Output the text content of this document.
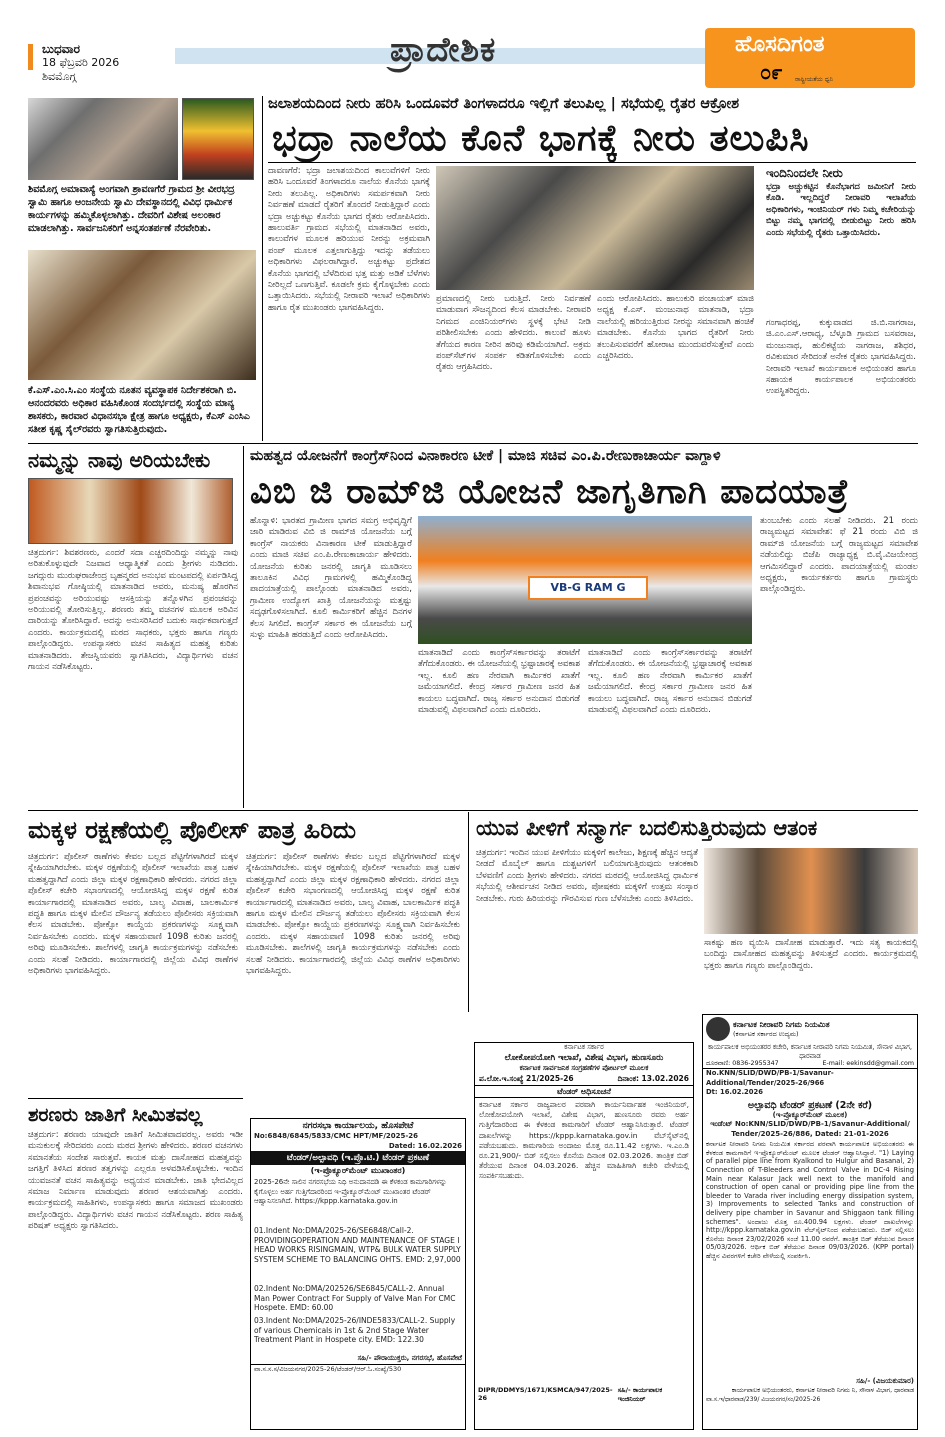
ಬುಧವಾರ
18 ಫೆಬ್ರವರಿ 2026
ಶಿವಮೊಗ್ಗ
ಪ್ರಾದೇಶಿಕ	ಹೊಸದಿಗಂತ
೦೯ ರಾಷ್ಟ್ರೀಯತೆಯ ಧ್ವನಿ
ಶಿವಮೊಗ್ಗ ಅಮಾವಾಸ್ಯೆ ಅಂಗವಾಗಿ ಶ್ರಾವಣಗೆರೆ ಗ್ರಾಮದ ಶ್ರೀ ವೀರಭದ್ರ ಸ್ವಾಮಿ ಹಾಗೂ ಆಂಜನೇಯ ಸ್ವಾಮಿ ದೇವಸ್ಥಾನದಲ್ಲಿ ವಿವಿಧ ಧಾರ್ಮಿಕ ಕಾರ್ಯಗಳನ್ನು ಹಮ್ಮಿಕೊಳ್ಳಲಾಗಿತ್ತು. ದೇವರಿಗೆ ವಿಶೇಷ ಅಲಂಕಾರ ಮಾಡಲಾಗಿತ್ತು. ಸಾರ್ವಜನಿಕರಿಗೆ ಅನ್ನಸಂತರ್ಪಣೆ ನೆರವೇರಿತು.
ಕೆ.ಎಸ್.ಎಂ.ಸಿ.ಎಂ ಸಂಸ್ಥೆಯ ನೂತನ ವ್ಯವಸ್ಥಾಪಕ ನಿರ್ದೇಶಕರಾಗಿ ಬಿ. ಆನಂದರವರು ಅಧಿಕಾರ ವಹಿಸಿಕೊಂಡ ಸಂದರ್ಭದಲ್ಲಿ ಸಂಸ್ಥೆಯ ಮಾನ್ಯ ಶಾಸಕರು, ಕಾರವಾರ ವಿಧಾನಸಭಾ ಕ್ಷೇತ್ರ ಹಾಗೂ ಅಧ್ಯಕ್ಷರು, ಕೆಎಸ್ ಎಂಸಿಎ ಸತೀಶ ಕೃಷ್ಣ ಸೈಲ್‌ರವರು ಸ್ವಾಗತಿಸುತ್ತಿರುವುದು.
ಜಲಾಶಯದಿಂದ ನೀರು ಹರಿಸಿ ಒಂದೂವರೆ ತಿಂಗಳಾದರೂ ಇಲ್ಲಿಗೆ ತಲುಪಿಲ್ಲ | ಸಭೆಯಲ್ಲಿ ರೈತರ ಆಕ್ರೋಶ
ಭದ್ರಾ ನಾಲೆಯ ಕೊನೆ ಭಾಗಕ್ಕೆ ನೀರು ತಲುಪಿಸಿ
ದಾವಣಗೆರೆ: ಭದ್ರಾ ಜಲಾಶಯದಿಂದ ಕಾಲುವೆಗಳಿಗೆ ನೀರು ಹರಿಸಿ ಒಂದೂವರೆ ತಿಂಗಳಾದರೂ ನಾಲೆಯ ಕೊನೆಯ ಭಾಗಕ್ಕೆ ನೀರು ತಲುಪಿಲ್ಲ. ಅಧಿಕಾರಿಗಳು ಸಮರ್ಪಕವಾಗಿ ನೀರು ನಿರ್ವಹಣೆ ಮಾಡದೆ ರೈತರಿಗೆ ತೊಂದರೆ ನೀಡುತ್ತಿದ್ದಾರೆ ಎಂದು ಭದ್ರಾ ಅಚ್ಚುಕಟ್ಟು ಕೊನೆಯ ಭಾಗದ ರೈತರು ಆರೋಪಿಸಿದರು. ಹಾಲುವರ್ತಿ ಗ್ರಾಮದ ಸಭೆಯಲ್ಲಿ ಮಾತನಾಡಿದ ಅವರು, ಕಾಲುವೆಗಳ ಮೂಲಕ ಹರಿಯುವ ನೀರನ್ನು ಅಕ್ರಮವಾಗಿ ಪಂಪ್ ಮೂಲಕ ಎತ್ತಲಾಗುತ್ತಿದ್ದು ಇದನ್ನು ತಡೆಯಲು ಅಧಿಕಾರಿಗಳು ವಿಫಲರಾಗಿದ್ದಾರೆ. ಅಚ್ಚುಕಟ್ಟು ಪ್ರದೇಶದ ಕೊನೆಯ ಭಾಗದಲ್ಲಿ ಬೆಳೆದಿರುವ ಭತ್ತ ಮತ್ತು ಅಡಿಕೆ ಬೆಳೆಗಳು ನೀರಿಲ್ಲದೆ ಒಣಗುತ್ತಿವೆ. ಕೂಡಲೇ ಕ್ರಮ ಕೈಗೊಳ್ಳಬೇಕು ಎಂದು ಒತ್ತಾಯಿಸಿದರು. ಸಭೆಯಲ್ಲಿ ನೀರಾವರಿ ಇಲಾಖೆ ಅಧಿಕಾರಿಗಳು ಹಾಗೂ ರೈತ ಮುಖಂಡರು ಭಾಗವಹಿಸಿದ್ದರು.
ಪ್ರಮಾಣದಲ್ಲಿ ನೀರು ಬರುತ್ತಿದೆ. ನೀರು ನಿರ್ವಹಣೆ ಮಾಡುವಾಗ ಸೌಜನ್ಯದಿಂದ ಕೆಲಸ ಮಾಡಬೇಕು. ನೀರಾವರಿ ನಿಗಮದ ಎಂಜಿನಿಯರ್‌ಗಳು ಸ್ಥಳಕ್ಕೆ ಭೇಟಿ ನೀಡಿ ಪರಿಶೀಲಿಸಬೇಕು ಎಂದು ಹೇಳಿದರು. ಕಾಲುವೆ ಹೂಳು ತೆಗೆಯದ ಕಾರಣ ನೀರಿನ ಹರಿವು ಕಡಿಮೆಯಾಗಿದೆ. ಅಕ್ರಮ ಪಂಪ್‌ಸೆಟ್‌ಗಳ ಸಂಪರ್ಕ ಕಡಿತಗೊಳಿಸಬೇಕು ಎಂದು ರೈತರು ಆಗ್ರಹಿಸಿದರು.
ಎಂದು ಆರೋಪಿಸಿದರು. ಹಾಲುಕುರಿ ಪಂಚಾಯತ್ ಮಾಜಿ ಅಧ್ಯಕ್ಷ ಕೆ.ಎಸ್. ಮಂಜುನಾಥ ಮಾತನಾಡಿ, ಭದ್ರಾ ನಾಲೆಯಲ್ಲಿ ಹರಿಯುತ್ತಿರುವ ನೀರನ್ನು ಸಮಾನವಾಗಿ ಹಂಚಿಕೆ ಮಾಡಬೇಕು. ಕೊನೆಯ ಭಾಗದ ರೈತರಿಗೆ ನೀರು ತಲುಪಿಸುವವರೆಗೆ ಹೋರಾಟ ಮುಂದುವರೆಸುತ್ತೇವೆ ಎಂದು ಎಚ್ಚರಿಸಿದರು.
ಇಂದಿನಿಂದಲೇ ನೀರು
ಭದ್ರಾ ಅಚ್ಚುಕಟ್ಟಿನ ಕೊನೆಭಾಗದ ಜಮೀನಿಗೆ ನೀರು ಕೊಡಿ. ಇಲ್ಲದಿದ್ದರೆ ನೀರಾವರಿ ಇಲಾಖೆಯ ಅಧಿಕಾರಿಗಳು, ಇಂಜಿನಿಯರ್ ಗಳು ನಿಮ್ಮ ಕಚೇರಿಯನ್ನು ಬಿಟ್ಟು ನಮ್ಮ ಭಾಗದಲ್ಲಿ ಬೀಡುಬಿಟ್ಟು ನೀರು ಹರಿಸಿ ಎಂದು ಸಭೆಯಲ್ಲಿ ರೈತರು ಒತ್ತಾಯಿಸಿದರು.
ಗಂಗಾಧರಪ್ಪ, ಕುಕ್ಕುವಾಡದ ಜಿ.ಬಿ.ನಾಗರಾಜ, ಜಿ.ಎಂ.ಎಸ್.ಆರಾಧ್ಯ, ಬೆಳ್ಳೂಡಿ ಗ್ರಾಮದ ಬಸವರಾಜ, ಮಂಜುನಾಥ, ಹುಲಿಕಟ್ಟೆಯ ನಾಗರಾಜ, ಶಶಿಧರ, ರವಿಕುಮಾರ ಸೇರಿದಂತೆ ಅನೇಕ ರೈತರು ಭಾಗವಹಿಸಿದ್ದರು. ನೀರಾವರಿ ಇಲಾಖೆ ಕಾರ್ಯಪಾಲಕ ಅಭಿಯಂತರ ಹಾಗೂ ಸಹಾಯಕ ಕಾರ್ಯಪಾಲಕ ಅಭಿಯಂತರರು ಉಪಸ್ಥಿತರಿದ್ದರು.
ನಮ್ಮನ್ನು ನಾವು ಅರಿಯಬೇಕು
ಚಿತ್ರದುರ್ಗ: ಶಿವಶರಣರು, ಎಂದರೆ ಸದಾ ಎಚ್ಚರದಿಂದಿದ್ದು ನಮ್ಮನ್ನು ನಾವು ಅರಿತುಕೊಳ್ಳುವುದೇ ನಿಜವಾದ ಆಧ್ಯಾತ್ಮಿಕತೆ ಎಂದು ಶ್ರೀಗಳು ನುಡಿದರು. ಜಗದ್ಗುರು ಮುರುಘರಾಜೇಂದ್ರ ಬೃಹನ್ಮಠದ ಅನುಭವ ಮಂಟಪದಲ್ಲಿ ಏರ್ಪಡಿಸಿದ್ದ ಶಿವಾನುಭವ ಗೋಷ್ಠಿಯಲ್ಲಿ ಮಾತನಾಡಿದ ಅವರು, ಮನುಷ್ಯ ಹೊರಗಿನ ಪ್ರಪಂಚವನ್ನು ಅರಿಯುವಷ್ಟು ಆಸಕ್ತಿಯನ್ನು ತನ್ನೊಳಗಿನ ಪ್ರಪಂಚವನ್ನು ಅರಿಯುವಲ್ಲಿ ತೋರಿಸುತ್ತಿಲ್ಲ. ಶರಣರು ತಮ್ಮ ವಚನಗಳ ಮೂಲಕ ಅರಿವಿನ ದಾರಿಯನ್ನು ತೋರಿಸಿದ್ದಾರೆ. ಅದನ್ನು ಅನುಸರಿಸಿದರೆ ಬದುಕು ಸಾರ್ಥಕವಾಗುತ್ತದೆ ಎಂದರು. ಕಾರ್ಯಕ್ರಮದಲ್ಲಿ ಮಠದ ಸಾಧಕರು, ಭಕ್ತರು ಹಾಗೂ ಗಣ್ಯರು ಪಾಲ್ಗೊಂಡಿದ್ದರು. ಉಪನ್ಯಾಸಕರು ವಚನ ಸಾಹಿತ್ಯದ ಮಹತ್ವ ಕುರಿತು ಮಾತನಾಡಿದರು. ತೇಜಸ್ವಿಯವರು ಸ್ವಾಗತಿಸಿದರು, ವಿದ್ಯಾರ್ಥಿಗಳು ವಚನ ಗಾಯನ ನಡೆಸಿಕೊಟ್ಟರು.
ಮಹತ್ವದ ಯೋಜನೆಗೆ ಕಾಂಗ್ರೆಸ್‌ನಿಂದ ವಿನಾಕಾರಣ ಟೀಕೆ | ಮಾಜಿ ಸಚಿವ ಎಂ.ಪಿ.ರೇಣುಕಾಚಾರ್ಯ ವಾಗ್ದಾಳಿ
ವಿಬಿ ಜಿ ರಾಮ್‌ಜಿ ಯೋಜನೆ ಜಾಗೃತಿಗಾಗಿ ಪಾದಯಾತ್ರೆ
ಹೊನ್ನಾಳಿ: ಭಾರತದ ಗ್ರಾಮೀಣ ಭಾಗದ ಸಮಗ್ರ ಅಭಿವೃದ್ಧಿಗೆ ಜಾರಿ ಮಾಡಿರುವ ವಿಬಿ ಜಿ ರಾಮ್‌ಜಿ ಯೋಜನೆಯ ಬಗ್ಗೆ ಕಾಂಗ್ರೆಸ್ ನಾಯಕರು ವಿನಾಕಾರಣ ಟೀಕೆ ಮಾಡುತ್ತಿದ್ದಾರೆ ಎಂದು ಮಾಜಿ ಸಚಿವ ಎಂ.ಪಿ.ರೇಣುಕಾಚಾರ್ಯ ಹೇಳಿದರು. ಯೋಜನೆಯ ಕುರಿತು ಜನರಲ್ಲಿ ಜಾಗೃತಿ ಮೂಡಿಸಲು ತಾಲೂಕಿನ ವಿವಿಧ ಗ್ರಾಮಗಳಲ್ಲಿ ಹಮ್ಮಿಕೊಂಡಿದ್ದ ಪಾದಯಾತ್ರೆಯಲ್ಲಿ ಪಾಲ್ಗೊಂಡು ಮಾತನಾಡಿದ ಅವರು, ಗ್ರಾಮೀಣ ಉದ್ಯೋಗ ಖಾತ್ರಿ ಯೋಜನೆಯನ್ನು ಮತ್ತಷ್ಟು ಸದೃಢಗೊಳಿಸಲಾಗಿದೆ. ಕೂಲಿ ಕಾರ್ಮಿಕರಿಗೆ ಹೆಚ್ಚಿನ ದಿನಗಳ ಕೆಲಸ ಸಿಗಲಿದೆ. ಕಾಂಗ್ರೆಸ್ ಸರ್ಕಾರ ಈ ಯೋಜನೆಯ ಬಗ್ಗೆ ಸುಳ್ಳು ಮಾಹಿತಿ ಹರಡುತ್ತಿದೆ ಎಂದು ಆರೋಪಿಸಿದರು.
VB-G RAM G
ಮಾತನಾಡಿದೆ ಎಂದು ಕಾಂಗ್ರೆಸ್‌ಸರ್ಕಾರವನ್ನು ತರಾಟೆಗೆ ತೆಗೆದುಕೊಂಡರು. ಈ ಯೋಜನೆಯಲ್ಲಿ ಭ್ರಷ್ಟಾಚಾರಕ್ಕೆ ಅವಕಾಶ ಇಲ್ಲ. ಕೂಲಿ ಹಣ ನೇರವಾಗಿ ಕಾರ್ಮಿಕರ ಖಾತೆಗೆ ಜಮೆಯಾಗಲಿದೆ. ಕೇಂದ್ರ ಸರ್ಕಾರ ಗ್ರಾಮೀಣ ಜನರ ಹಿತ ಕಾಯಲು ಬದ್ಧವಾಗಿದೆ. ರಾಜ್ಯ ಸರ್ಕಾರ ಅನುದಾನ ಬಿಡುಗಡೆ ಮಾಡುವಲ್ಲಿ ವಿಫಲವಾಗಿದೆ ಎಂದು ದೂರಿದರು.
ಮಾತನಾಡಿದೆ ಎಂದು ಕಾಂಗ್ರೆಸ್‌ಸರ್ಕಾರವನ್ನು ತರಾಟೆಗೆ ತೆಗೆದುಕೊಂಡರು. ಈ ಯೋಜನೆಯಲ್ಲಿ ಭ್ರಷ್ಟಾಚಾರಕ್ಕೆ ಅವಕಾಶ ಇಲ್ಲ. ಕೂಲಿ ಹಣ ನೇರವಾಗಿ ಕಾರ್ಮಿಕರ ಖಾತೆಗೆ ಜಮೆಯಾಗಲಿದೆ. ಕೇಂದ್ರ ಸರ್ಕಾರ ಗ್ರಾಮೀಣ ಜನರ ಹಿತ ಕಾಯಲು ಬದ್ಧವಾಗಿದೆ. ರಾಜ್ಯ ಸರ್ಕಾರ ಅನುದಾನ ಬಿಡುಗಡೆ ಮಾಡುವಲ್ಲಿ ವಿಫಲವಾಗಿದೆ ಎಂದು ದೂರಿದರು.
ತುಂಬಬೇಕು ಎಂದು ಸಲಹೆ ನೀಡಿದರು. 21 ರಂದು ರಾಜ್ಯಮಟ್ಟದ ಸಮಾವೇಶ: ಫೆ 21 ರಂದು ವಿಬಿ ಜಿ ರಾಮ್‌ಜಿ ಯೋಜನೆಯ ಬಗ್ಗೆ ರಾಜ್ಯಮಟ್ಟದ ಸಮಾವೇಶ ನಡೆಯಲಿದ್ದು ಬಿಜೆಪಿ ರಾಜ್ಯಾಧ್ಯಕ್ಷ ಬಿ.ವೈ.ವಿಜಯೇಂದ್ರ ಆಗಮಿಸಲಿದ್ದಾರೆ ಎಂದರು. ಪಾದಯಾತ್ರೆಯಲ್ಲಿ ಮಂಡಲ ಅಧ್ಯಕ್ಷರು, ಕಾರ್ಯಕರ್ತರು ಹಾಗೂ ಗ್ರಾಮಸ್ಥರು ಪಾಲ್ಗೊಂಡಿದ್ದರು.
ಮಕ್ಕಳ ರಕ್ಷಣೆಯಲ್ಲಿ ಪೊಲೀಸ್ ಪಾತ್ರ ಹಿರಿದು
ಚಿತ್ರದುರ್ಗ: ಪೊಲೀಸ್ ಠಾಣೆಗಳು ಕೇವಲ ಬಲ್ಲದ ಪೆಟ್ಟಿಗೆಗಳಾಗಿರದೆ ಮಕ್ಕಳ ಸ್ನೇಹಿಯಾಗಿರಬೇಕು. ಮಕ್ಕಳ ರಕ್ಷಣೆಯಲ್ಲಿ ಪೊಲೀಸ್ ಇಲಾಖೆಯ ಪಾತ್ರ ಬಹಳ ಮಹತ್ವದ್ದಾಗಿದೆ ಎಂದು ಜಿಲ್ಲಾ ಮಕ್ಕಳ ರಕ್ಷಣಾಧಿಕಾರಿ ಹೇಳಿದರು. ನಗರದ ಜಿಲ್ಲಾ ಪೊಲೀಸ್ ಕಚೇರಿ ಸಭಾಂಗಣದಲ್ಲಿ ಆಯೋಜಿಸಿದ್ದ ಮಕ್ಕಳ ರಕ್ಷಣೆ ಕುರಿತ ಕಾರ್ಯಾಗಾರದಲ್ಲಿ ಮಾತನಾಡಿದ ಅವರು, ಬಾಲ್ಯ ವಿವಾಹ, ಬಾಲಕಾರ್ಮಿಕ ಪದ್ಧತಿ ಹಾಗೂ ಮಕ್ಕಳ ಮೇಲಿನ ದೌರ್ಜನ್ಯ ತಡೆಯಲು ಪೊಲೀಸರು ಸಕ್ರಿಯವಾಗಿ ಕೆಲಸ ಮಾಡಬೇಕು. ಪೋಕ್ಸೋ ಕಾಯ್ದೆಯ ಪ್ರಕರಣಗಳನ್ನು ಸೂಕ್ಷ್ಮವಾಗಿ ನಿರ್ವಹಿಸಬೇಕು ಎಂದರು. ಮಕ್ಕಳ ಸಹಾಯವಾಣಿ 1098 ಕುರಿತು ಜನರಲ್ಲಿ ಅರಿವು ಮೂಡಿಸಬೇಕು. ಶಾಲೆಗಳಲ್ಲಿ ಜಾಗೃತಿ ಕಾರ್ಯಕ್ರಮಗಳನ್ನು ನಡೆಸಬೇಕು ಎಂದು ಸಲಹೆ ನೀಡಿದರು. ಕಾರ್ಯಾಗಾರದಲ್ಲಿ ಜಿಲ್ಲೆಯ ವಿವಿಧ ಠಾಣೆಗಳ ಅಧಿಕಾರಿಗಳು ಭಾಗವಹಿಸಿದ್ದರು.
ಚಿತ್ರದುರ್ಗ: ಪೊಲೀಸ್ ಠಾಣೆಗಳು ಕೇವಲ ಬಲ್ಲದ ಪೆಟ್ಟಿಗೆಗಳಾಗಿರದೆ ಮಕ್ಕಳ ಸ್ನೇಹಿಯಾಗಿರಬೇಕು. ಮಕ್ಕಳ ರಕ್ಷಣೆಯಲ್ಲಿ ಪೊಲೀಸ್ ಇಲಾಖೆಯ ಪಾತ್ರ ಬಹಳ ಮಹತ್ವದ್ದಾಗಿದೆ ಎಂದು ಜಿಲ್ಲಾ ಮಕ್ಕಳ ರಕ್ಷಣಾಧಿಕಾರಿ ಹೇಳಿದರು. ನಗರದ ಜಿಲ್ಲಾ ಪೊಲೀಸ್ ಕಚೇರಿ ಸಭಾಂಗಣದಲ್ಲಿ ಆಯೋಜಿಸಿದ್ದ ಮಕ್ಕಳ ರಕ್ಷಣೆ ಕುರಿತ ಕಾರ್ಯಾಗಾರದಲ್ಲಿ ಮಾತನಾಡಿದ ಅವರು, ಬಾಲ್ಯ ವಿವಾಹ, ಬಾಲಕಾರ್ಮಿಕ ಪದ್ಧತಿ ಹಾಗೂ ಮಕ್ಕಳ ಮೇಲಿನ ದೌರ್ಜನ್ಯ ತಡೆಯಲು ಪೊಲೀಸರು ಸಕ್ರಿಯವಾಗಿ ಕೆಲಸ ಮಾಡಬೇಕು. ಪೋಕ್ಸೋ ಕಾಯ್ದೆಯ ಪ್ರಕರಣಗಳನ್ನು ಸೂಕ್ಷ್ಮವಾಗಿ ನಿರ್ವಹಿಸಬೇಕು ಎಂದರು. ಮಕ್ಕಳ ಸಹಾಯವಾಣಿ 1098 ಕುರಿತು ಜನರಲ್ಲಿ ಅರಿವು ಮೂಡಿಸಬೇಕು. ಶಾಲೆಗಳಲ್ಲಿ ಜಾಗೃತಿ ಕಾರ್ಯಕ್ರಮಗಳನ್ನು ನಡೆಸಬೇಕು ಎಂದು ಸಲಹೆ ನೀಡಿದರು. ಕಾರ್ಯಾಗಾರದಲ್ಲಿ ಜಿಲ್ಲೆಯ ವಿವಿಧ ಠಾಣೆಗಳ ಅಧಿಕಾರಿಗಳು ಭಾಗವಹಿಸಿದ್ದರು.
ಯುವ ಪೀಳಿಗೆ ಸನ್ಮಾರ್ಗ ಬದಲಿಸುತ್ತಿರುವುದು ಆತಂಕ
ಚಿತ್ರದುರ್ಗ: ಇಂದಿನ ಯುವ ಪೀಳಿಗೆಯು ಮಕ್ಕಳಿಗೆ ಕಾಲೇಜು, ಶಿಕ್ಷಣಕ್ಕೆ ಹೆಚ್ಚಿನ ಆದ್ಯತೆ ನೀಡದೆ ಮೊಬೈಲ್ ಹಾಗೂ ದುಶ್ಚಟಗಳಿಗೆ ಬಲಿಯಾಗುತ್ತಿರುವುದು ಆತಂಕಕಾರಿ ಬೆಳವಣಿಗೆ ಎಂದು ಶ್ರೀಗಳು ಹೇಳಿದರು. ನಗರದ ಮಠದಲ್ಲಿ ಆಯೋಜಿಸಿದ್ದ ಧಾರ್ಮಿಕ ಸಭೆಯಲ್ಲಿ ಆಶೀರ್ವಚನ ನೀಡಿದ ಅವರು, ಪೋಷಕರು ಮಕ್ಕಳಿಗೆ ಉತ್ತಮ ಸಂಸ್ಕಾರ ನೀಡಬೇಕು. ಗುರು ಹಿರಿಯರನ್ನು ಗೌರವಿಸುವ ಗುಣ ಬೆಳೆಸಬೇಕು ಎಂದು ತಿಳಿಸಿದರು.
ಸಾಕಷ್ಟು ಹಣ ವ್ಯಯಿಸಿ ದಾಸೋಹ ಮಾಡುತ್ತಾರೆ. ಇದು ಸತ್ಯ ಕಾಯಕದಲ್ಲಿ ಬಂದಿದ್ದು ದಾಸೋಹದ ಮಹತ್ವವನ್ನು ತಿಳಿಸುತ್ತದೆ ಎಂದರು. ಕಾರ್ಯಕ್ರಮದಲ್ಲಿ ಭಕ್ತರು ಹಾಗೂ ಗಣ್ಯರು ಪಾಲ್ಗೊಂಡಿದ್ದರು.
ಶರಣರು ಜಾತಿಗೆ ಸೀಮಿತವಲ್ಲ
ಚಿತ್ರದುರ್ಗ: ಶರಣರು ಯಾವುದೇ ಜಾತಿಗೆ ಸೀಮಿತವಾದವರಲ್ಲ. ಅವರು ಇಡೀ ಮನುಕುಲಕ್ಕೆ ಸೇರಿದವರು ಎಂದು ಮಠದ ಶ್ರೀಗಳು ಹೇಳಿದರು. ಶರಣರ ವಚನಗಳು ಸಮಾನತೆಯ ಸಂದೇಶ ಸಾರುತ್ತವೆ. ಕಾಯಕ ಮತ್ತು ದಾಸೋಹದ ಮಹತ್ವವನ್ನು ಜಗತ್ತಿಗೆ ತಿಳಿಸಿದ ಶರಣರ ತತ್ವಗಳನ್ನು ಎಲ್ಲರೂ ಅಳವಡಿಸಿಕೊಳ್ಳಬೇಕು. ಇಂದಿನ ಯುವಜನತೆ ವಚನ ಸಾಹಿತ್ಯವನ್ನು ಅಧ್ಯಯನ ಮಾಡಬೇಕು. ಜಾತಿ ಭೇದವಿಲ್ಲದ ಸಮಾಜ ನಿರ್ಮಾಣ ಮಾಡುವುದು ಶರಣರ ಆಶಯವಾಗಿತ್ತು ಎಂದರು. ಕಾರ್ಯಕ್ರಮದಲ್ಲಿ ಸಾಹಿತಿಗಳು, ಉಪನ್ಯಾಸಕರು ಹಾಗೂ ಸಮಾಜದ ಮುಖಂಡರು ಪಾಲ್ಗೊಂಡಿದ್ದರು. ವಿದ್ಯಾರ್ಥಿಗಳು ವಚನ ಗಾಯನ ನಡೆಸಿಕೊಟ್ಟರು. ಶರಣ ಸಾಹಿತ್ಯ ಪರಿಷತ್ ಅಧ್ಯಕ್ಷರು ಸ್ವಾಗತಿಸಿದರು.
ನಗರಸಭಾ ಕಾರ್ಯಾಲಯ, ಹೊಸಪೇಟೆ
No:6848/6845/5833/CMC HPT/MF/2025-26
Dated: 16.02.2026
ಟೆಂಡರ್/ಅಲ್ಪಾವಧಿ (ಇ.ಪ್ರೊ.ಟಿ.) ಟೆಂಡರ್ ಪ್ರಕಟಣೆ
(ಇ-ಪ್ರೊಕ್ಯೂರ್‌ಮೆಂಟ್ ಮುಖಾಂತರ)
2025-26ನೇ ಸಾಲಿನ ನಗರಸಭೆಯ ನಿಧಿ ಅನುದಾನದಡಿ ಈ ಕೆಳಕಂಡ ಕಾಮಗಾರಿಗಳನ್ನು ಕೈಗೊಳ್ಳಲು ಅರ್ಹ ಗುತ್ತಿಗೆದಾರರಿಂದ ಇ-ಪ್ರೊಕ್ಯೂರ್‌ಮೆಂಟ್ ಮುಖಾಂತರ ಟೆಂಡರ್ ಆಹ್ವಾನಿಸಲಾಗಿದೆ. https://kppp.karnataka.gov.in
01.Indent No:DMA/2025-26/SE6848/Call-2. PROVIDINGOPERATION AND MAINTENANCE OF STAGE I HEAD WORKS RISINGMAIN, WTP& BULK WATER SUPPLY SYSTEM SCHEME TO BALANCING OHTS. EMD: 2,97,000
02.Indent No:DMA/202526/SE6845/CALL-2. Annual Man Power Contract For Supply of Valve Man For CMC Hospete. EMD: 60.00
03.Indent No:DMA/2025-26/INDE5833/CALL-2. Supply of various Chemicals in 1st & 2nd Stage Water Treatment Plant in Hospete city. EMD: 122.30
ಸಹಿ/- ಪೌರಾಯುಕ್ತರು, ನಗರಸಭೆ, ಹೊಸಪೇಟೆ
ವಾ.ಸ.ಸ.ಸ/ವಿಜಯನಗರ/2025-26/ಟೆಂಡರ್/ಆರ್.ಓ.ಸಂಖ್ಯೆ/530
ಕರ್ನಾಟಕ ಸರ್ಕಾರ
ಲೋಕೋಪಯೋಗಿ ಇಲಾಖೆ, ವಿಶೇಷ ವಿಭಾಗ, ಹುಣಸೂರು
ಕರ್ನಾಟಕ ಸಾರ್ವಜನಿಕ ಸಂಗ್ರಹಣೆಗಳ ಪೋರ್ಟಲ್ ಮೂಲಕ
ಪ.ಲೋ.ಇ.ಸಂಖ್ಯೆ 21/2025-26	ದಿನಾಂಕ: 13.02.2026
ಟೆಂಡರ್ ಅಧಿಸೂಚನೆ
ಕರ್ನಾಟಕ ಸರ್ಕಾರ ರಾಜ್ಯಪಾಲರ ಪರವಾಗಿ ಕಾರ್ಯನಿರ್ವಾಹಕ ಇಂಜಿನಿಯರ್, ಲೋಕೋಪಯೋಗಿ ಇಲಾಖೆ, ವಿಶೇಷ ವಿಭಾಗ, ಹುಣಸೂರು ರವರು ಅರ್ಹ ಗುತ್ತಿಗೆದಾರರಿಂದ ಈ ಕೆಳಕಂಡ ಕಾಮಗಾರಿಗೆ ಟೆಂಡರ್ ಆಹ್ವಾನಿಸಿರುತ್ತಾರೆ. ಟೆಂಡರ್ ದಾಖಲೆಗಳನ್ನು https://kppp.karnataka.gov.in ವೆಬ್‌ಸೈಟ್‌ನಲ್ಲಿ ಪಡೆಯಬಹುದು. ಕಾಮಗಾರಿಯ ಅಂದಾಜು ಮೊತ್ತ ರೂ.11.42 ಲಕ್ಷಗಳು. ಇ.ಎಂ.ಡಿ ರೂ.21,900/- ಬಿಡ್ ಸಲ್ಲಿಸಲು ಕೊನೆಯ ದಿನಾಂಕ 02.03.2026. ತಾಂತ್ರಿಕ ಬಿಡ್ ತೆರೆಯುವ ದಿನಾಂಕ 04.03.2026. ಹೆಚ್ಚಿನ ಮಾಹಿತಿಗಾಗಿ ಕಚೇರಿ ವೇಳೆಯಲ್ಲಿ ಸಂಪರ್ಕಿಸಬಹುದು.
DIPR/DDMYS/1671/KSMCA/947/2025-26
ಸಹಿ/- ಕಾರ್ಯಪಾಲಕ ಇಂಜಿನಿಯರ್
ಕರ್ನಾಟಕ ನೀರಾವರಿ ನಿಗಮ ನಿಯಮಿತ
(ಕರ್ನಾಟಕ ಸರ್ಕಾರದ ಉದ್ಯಮ)
ಕಾರ್ಯಪಾಲಕ ಅಭಿಯಂತರರ ಕಚೇರಿ, ಕರ್ನಾಟಕ ನೀರಾವರಿ ನಿಗಮ ನಿಯಮಿತ, ಸೌನಾಳ ವಿಭಾಗ, ಧಾರವಾಡ
ದೂರವಾಣಿ: 0836-2955347	E-mail: eekinsdd@gmail.com
No.KNN/SLID/DWD/PB-1/Savanur-Additional/Tender/2025-26/966
Dt: 16.02.2026
ಅಲ್ಪಾವಧಿ ಟೆಂಡರ್ ಪ್ರಕಟಣೆ (2ನೇ ಕರೆ)
(ಇ-ಪ್ರೊಕ್ಯೂರ್‌ಮೆಂಟ್ ಮೂಲಕ)
ಇಂಡೆಂಟ್ No:KNN/SLID/DWD/PB-1/Savanur-Additional/ Tender/2025-26/886, Dated: 21-01-2026
ಕರ್ನಾಟಕ ನೀರಾವರಿ ನಿಗಮ ನಿಯಮಿತ ಸರ್ಕಾರದ ಪರವಾಗಿ ಕಾರ್ಯಪಾಲಕ ಅಭಿಯಂತರರು ಈ ಕೆಳಕಂಡ ಕಾಮಗಾರಿಗೆ ಇ-ಪ್ರೊಕ್ಯೂರ್‌ಮೆಂಟ್ ಮೂಲಕ ಟೆಂಡರ್ ಆಹ್ವಾನಿಸಿದ್ದಾರೆ. "1) Laying of parallel pipe line from Kyalkond to Hulgur and Basanal, 2) Connection of T-Bleeders and Control Valve in DC-4 Rising Main near Kalasur Jack well next to the manifold and construction of open canal or providing pipe line from the bleeder to Varada river including energy dissipation system, 3) Improvements to selected Tanks and construction of delivery pipe chamber in Savanur and Shiggaon tank filling schemes". ಅಂದಾಜು ಮೊತ್ತ ರೂ.400.94 ಲಕ್ಷಗಳು. ಟೆಂಡರ್ ದಾಖಲೆಗಳನ್ನು http://kppp.karnataka.gov.in ವೆಬ್‌ಸೈಟ್‌ನಿಂದ ಪಡೆಯಬಹುದು. ಬಿಡ್ ಸಲ್ಲಿಸಲು ಕೊನೆಯ ದಿನಾಂಕ 23/02/2026 ಸಂಜೆ 11.00 ರವರೆಗೆ. ತಾಂತ್ರಿಕ ಬಿಡ್ ತೆರೆಯುವ ದಿನಾಂಕ 05/03/2026. ಆರ್ಥಿಕ ಬಿಡ್ ತೆರೆಯುವ ದಿನಾಂಕ 09/03/2026. (KPP portal) ಹೆಚ್ಚಿನ ವಿವರಗಳಿಗೆ ಕಚೇರಿ ವೇಳೆಯಲ್ಲಿ ಸಂಪರ್ಕಿಸಿ.
ಸಹಿ/- (ವಿಜಯಕುಮಾರ)
ಕಾರ್ಯಪಾಲಕ ಅಭಿಯಂತರರು, ಕರ್ನಾಟಕ ನೀರಾವರಿ ನಿಗಮ ನಿ, ಸೌನಾಳ ವಿಭಾಗ, ಧಾರವಾಡ
ವಾ.ಸ.ಇ/ಧಾರವಾಡ/239/ ವಿಜಯನಗರ/ಸಂ/2025-26
